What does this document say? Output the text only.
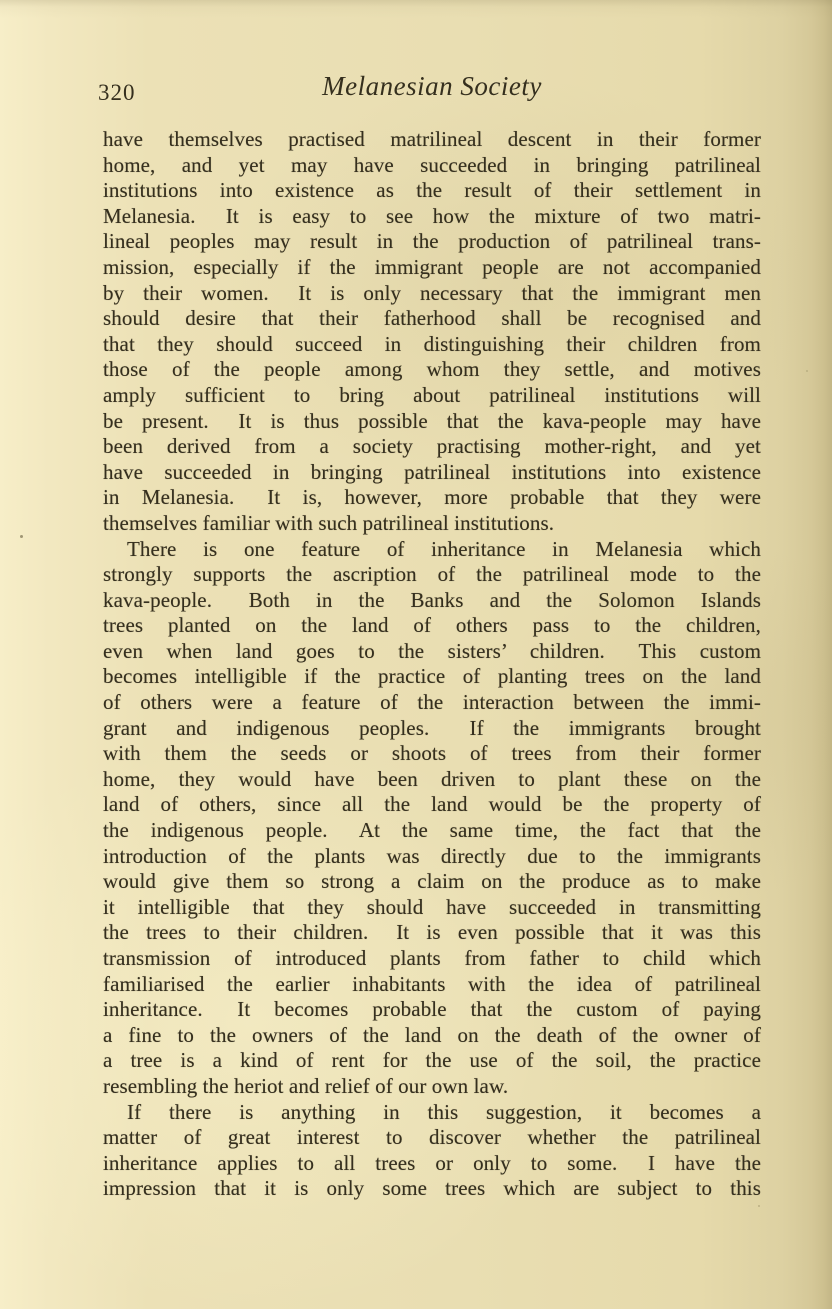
320	Melanesian Society
have themselves practised matrilineal descent in their former
home, and yet may have succeeded in bringing patrilineal
institutions into existence as the result of their settlement in
Melanesia.  It is easy to see how the mixture of two matri-
lineal peoples may result in the production of patrilineal trans-
mission, especially if the immigrant people are not accompanied
by their women.  It is only necessary that the immigrant men
should desire that their fatherhood shall be recognised and
that they should succeed in distinguishing their children from
those of the people among whom they settle, and motives
amply sufficient to bring about patrilineal institutions will
be present.  It is thus possible that the kava-people may have
been derived from a society practising mother-right, and yet
have succeeded in bringing patrilineal institutions into existence
in Melanesia.  It is, however, more probable that they were
themselves familiar with such patrilineal institutions.
There is one feature of inheritance in Melanesia which
strongly supports the ascription of the patrilineal mode to the
kava-people.  Both in the Banks and the Solomon Islands
trees planted on the land of others pass to the children,
even when land goes to the sisters’ children.  This custom
becomes intelligible if the practice of planting trees on the land
of others were a feature of the interaction between the immi-
grant and indigenous peoples.  If the immigrants brought
with them the seeds or shoots of trees from their former
home, they would have been driven to plant these on the
land of others, since all the land would be the property of
the indigenous people.  At the same time, the fact that the
introduction of the plants was directly due to the immigrants
would give them so strong a claim on the produce as to make
it intelligible that they should have succeeded in transmitting
the trees to their children.  It is even possible that it was this
transmission of introduced plants from father to child which
familiarised the earlier inhabitants with the idea of patrilineal
inheritance.  It becomes probable that the custom of paying
a fine to the owners of the land on the death of the owner of
a tree is a kind of rent for the use of the soil, the practice
resembling the heriot and relief of our own law.
If there is anything in this suggestion, it becomes a
matter of great interest to discover whether the patrilineal
inheritance applies to all trees or only to some.  I have the
impression that it is only some trees which are subject to this
